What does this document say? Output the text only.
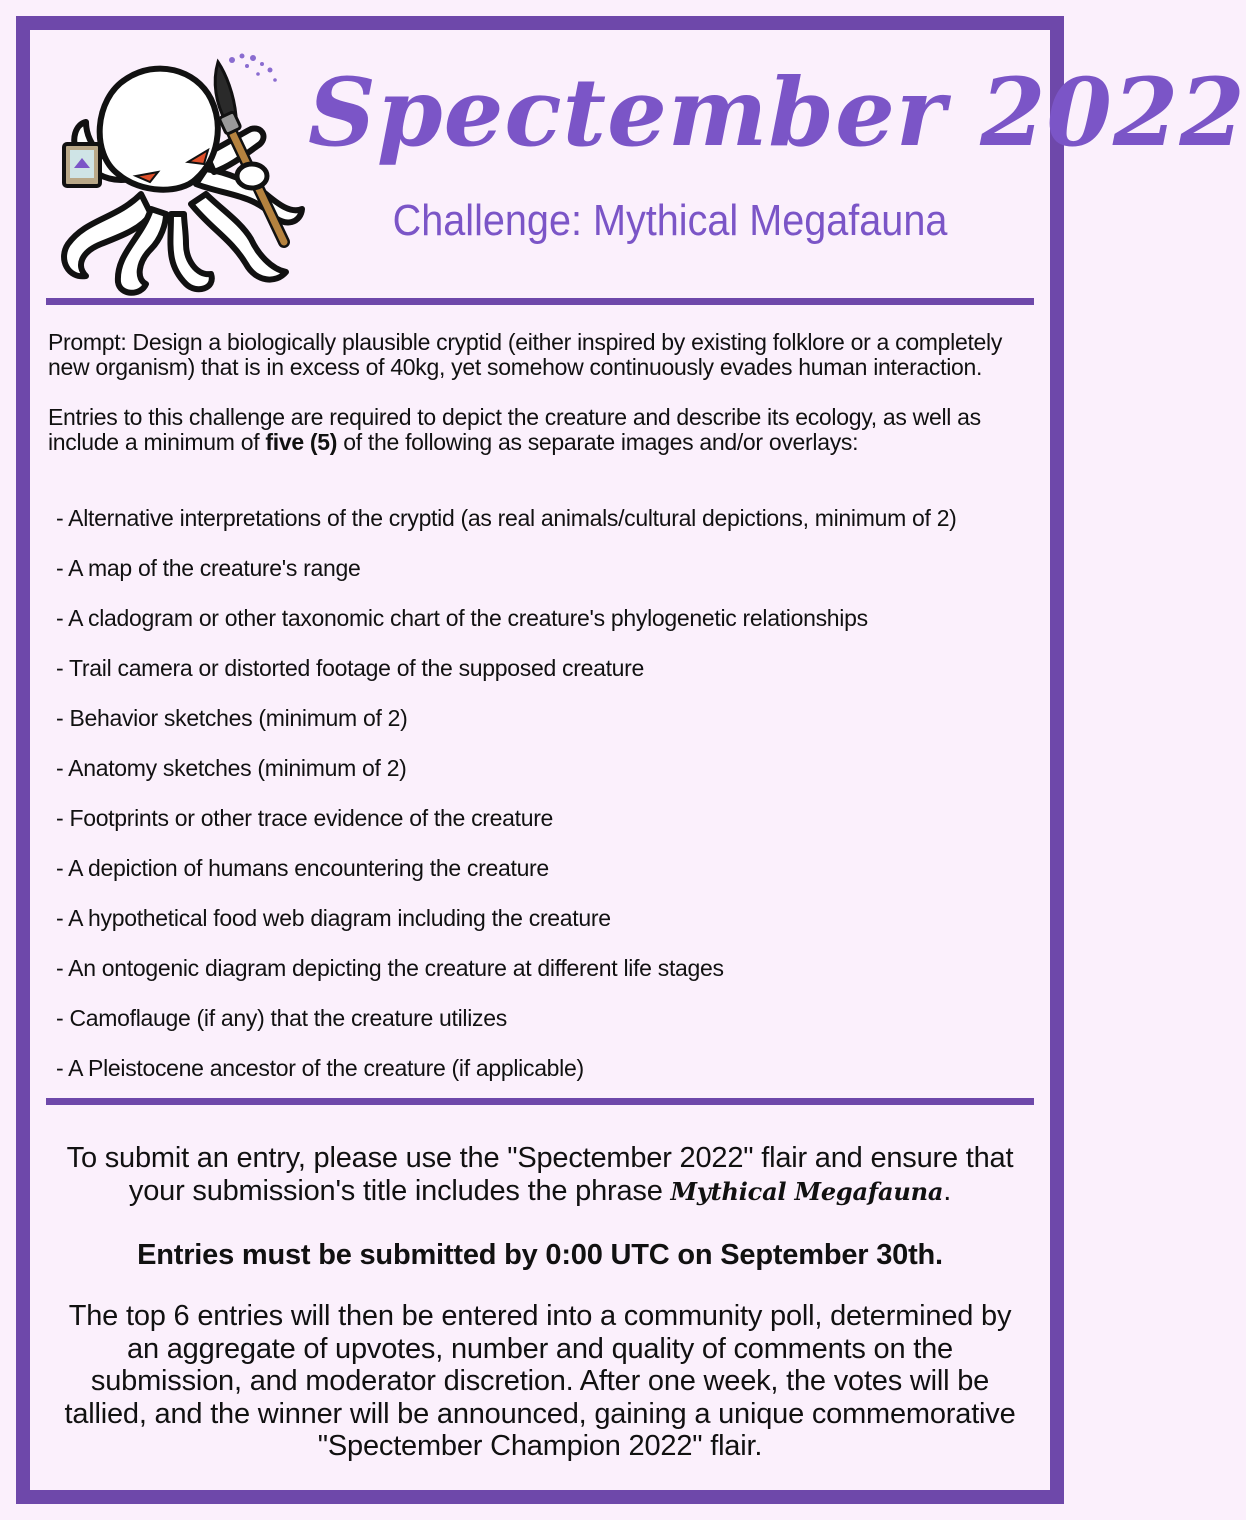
Spectember 2022
Challenge: Mythical Megafauna

Prompt: Design a biologically plausible cryptid (either inspired by existing folklore or a completely new organism) that is in excess of 40kg, yet somehow continuously evades human interaction.

Entries to this challenge are required to depict the creature and describe its ecology, as well as include a minimum of five (5) of the following as separate images and/or overlays:

- Alternative interpretations of the cryptid (as real animals/cultural depictions, minimum of 2)
- A map of the creature's range
- A cladogram or other taxonomic chart of the creature's phylogenetic relationships
- Trail camera or distorted footage of the supposed creature
- Behavior sketches (minimum of 2)
- Anatomy sketches (minimum of 2)
- Footprints or other trace evidence of the creature
- A depiction of humans encountering the creature
- A hypothetical food web diagram including the creature
- An ontogenic diagram depicting the creature at different life stages
- Camoflauge (if any) that the creature utilizes
- A Pleistocene ancestor of the creature (if applicable)

To submit an entry, please use the "Spectember 2022" flair and ensure that your submission's title includes the phrase Mythical Megafauna.

Entries must be submitted by 0:00 UTC on September 30th.

The top 6 entries will then be entered into a community poll, determined by an aggregate of upvotes, number and quality of comments on the submission, and moderator discretion. After one week, the votes will be tallied, and the winner will be announced, gaining a unique commemorative "Spectember Champion 2022" flair.
